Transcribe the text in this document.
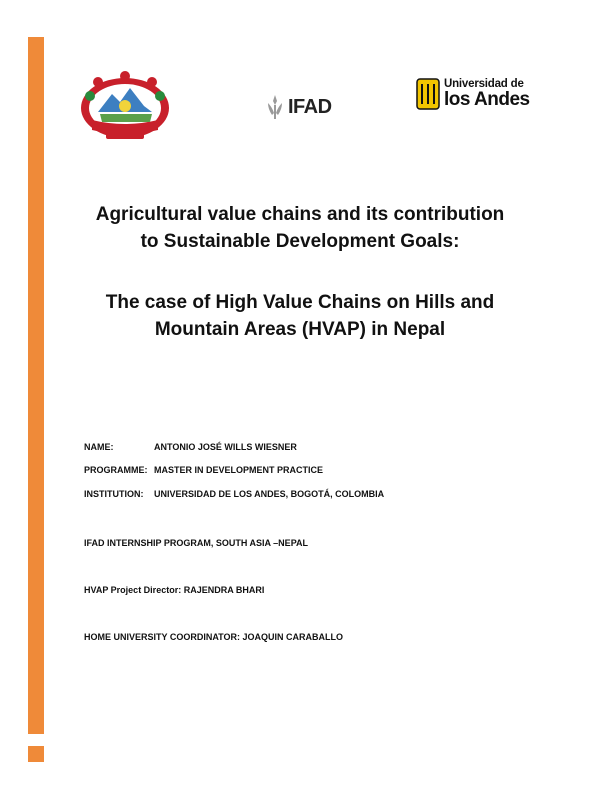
IFAD
Universidad de
los Andes
Agricultural value chains and its contribution
to Sustainable Development Goals:
The case of High Value Chains on Hills and
Mountain Areas (HVAP) in Nepal
NAME:	ANTONIO JOSÉ WILLS WIESNER
PROGRAMME: MASTER IN DEVELOPMENT PRACTICE
INSTITUTION: UNIVERSIDAD DE LOS ANDES, BOGOTÁ, COLOMBIA
IFAD INTERNSHIP PROGRAM, SOUTH ASIA –NEPAL
HVAP Project Director: RAJENDRA BHARI
HOME UNIVERSITY COORDINATOR: JOAQUIN CARABALLO
